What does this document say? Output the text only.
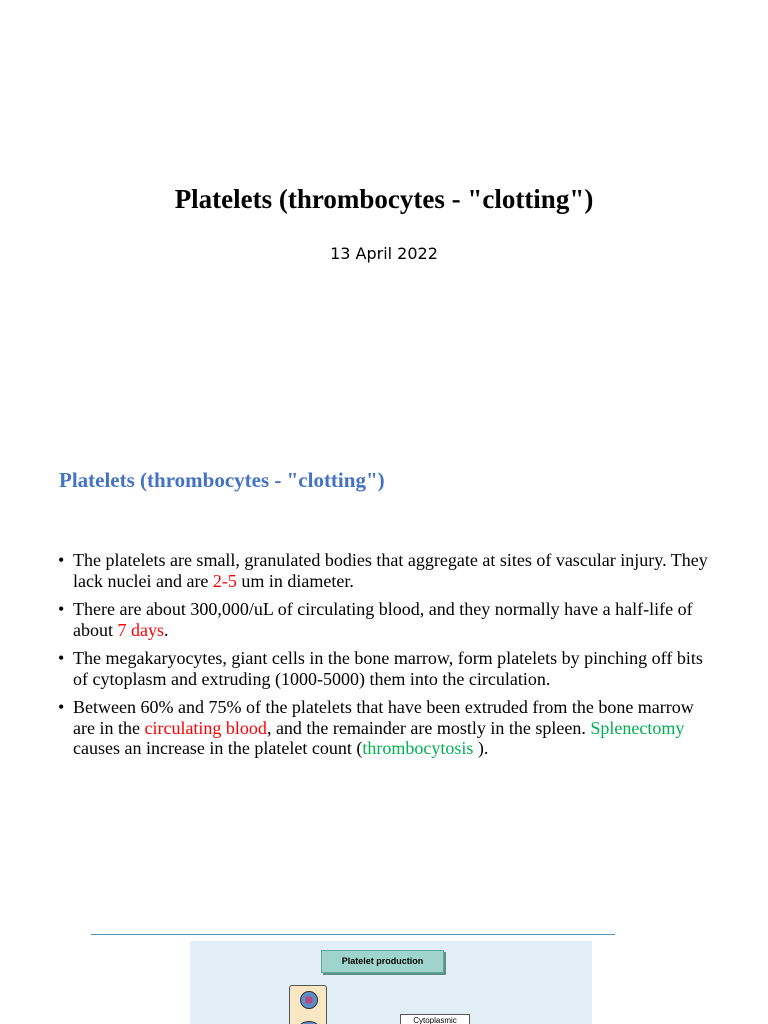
Platelets (thrombocytes - "clotting")
13 April 2022
Platelets (thrombocytes - "clotting")
• The platelets are small, granulated bodies that aggregate at sites of vascular injury. They lack nuclei and are 2-5 um in diameter.
• There are about 300,000/uL of circulating blood, and they normally have a half-life of about 7 days.
• The megakaryocytes, giant cells in the bone marrow, form platelets by pinching off bits of cytoplasm and extruding (1000-5000) them into the circulation.
• Between 60% and 75% of the platelets that have been extruded from the bone marrow are in the circulating blood, and the remainder are mostly in the spleen. Splenectomy causes an increase in the platelet count (thrombocytosis ).
Platelet production
Cytoplasmic
